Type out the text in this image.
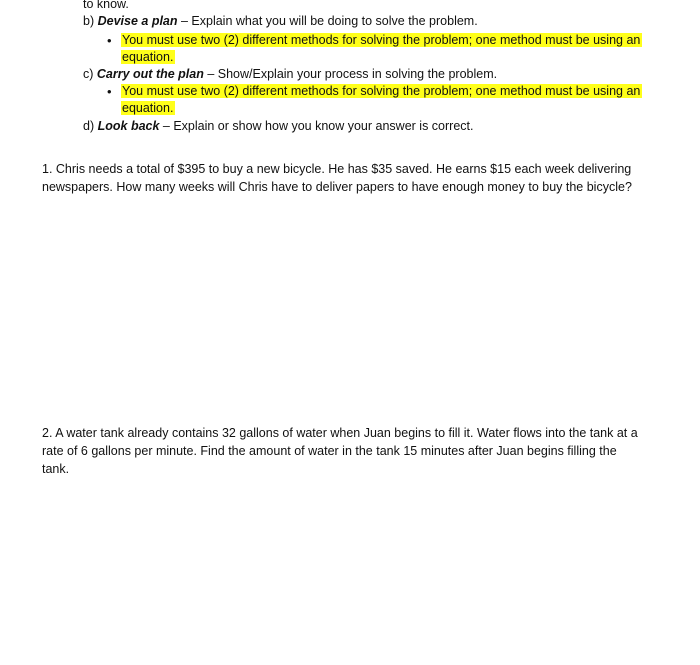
to know.
b) Devise a plan – Explain what you will be doing to solve the problem.
• You must use two (2) different methods for solving the problem; one method must be using an
equation.
c) Carry out the plan – Show/Explain your process in solving the problem.
• You must use two (2) different methods for solving the problem; one method must be using an
equation.
d) Look back – Explain or show how you know your answer is correct.
1. Chris needs a total of $395 to buy a new bicycle. He has $35 saved. He earns $15 each week delivering
newspapers. How many weeks will Chris have to deliver papers to have enough money to buy the bicycle?
2. A water tank already contains 32 gallons of water when Juan begins to fill it. Water flows into the tank at a
rate of 6 gallons per minute. Find the amount of water in the tank 15 minutes after Juan begins filling the
tank.
